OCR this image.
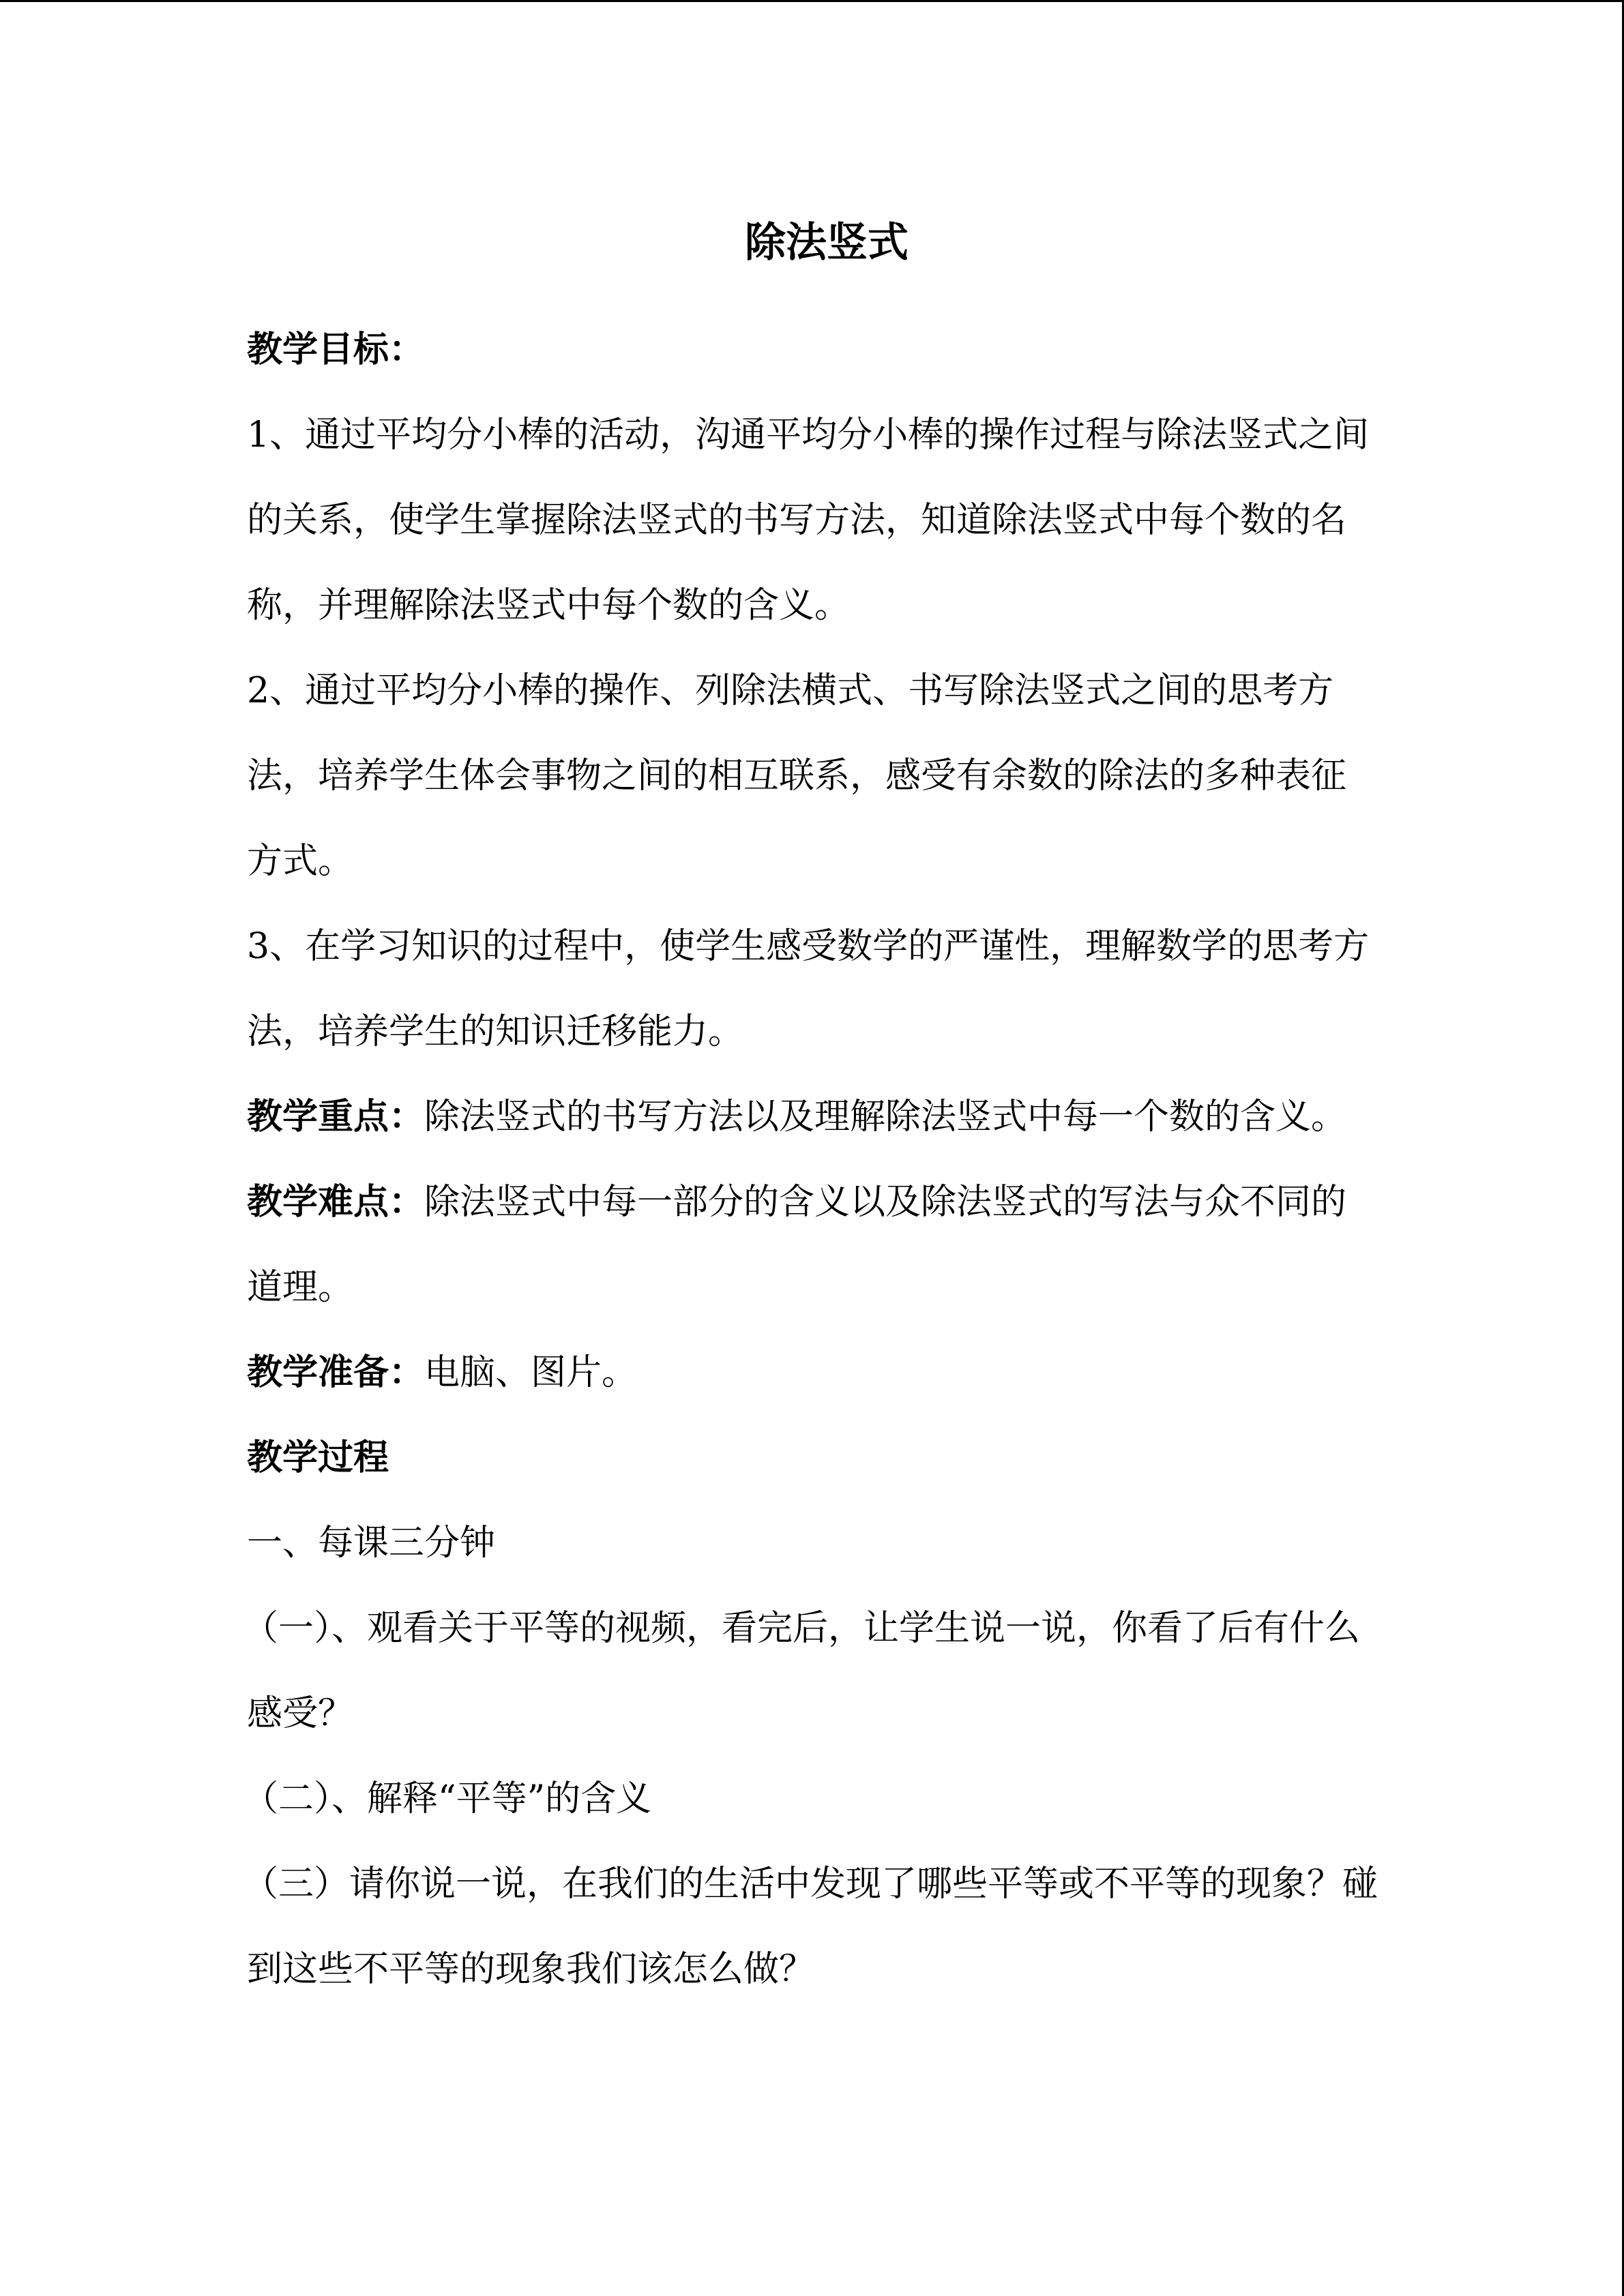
除法竖式

教学目标：

1、通过平均分小棒的活动，沟通平均分小棒的操作过程与除法竖式之间的关系，使学生掌握除法竖式的书写方法，知道除法竖式中每个数的名称，并理解除法竖式中每个数的含义。

2、通过平均分小棒的操作、列除法横式、书写除法竖式之间的思考方法，培养学生体会事物之间的相互联系，感受有余数的除法的多种表征方式。

3、在学习知识的过程中，使学生感受数学的严谨性，理解数学的思考方法，培养学生的知识迁移能力。

教学重点：除法竖式的书写方法以及理解除法竖式中每一个数的含义。

教学难点：除法竖式中每一部分的含义以及除法竖式的写法与众不同的道理。

教学准备：电脑、图片。

教学过程

一、每课三分钟

（一）、观看关于平等的视频，看完后，让学生说一说，你看了后有什么感受？

（二）、解释“平等”的含义

（三）请你说一说，在我们的生活中发现了哪些平等或不平等的现象？碰到这些不平等的现象我们该怎么做？
